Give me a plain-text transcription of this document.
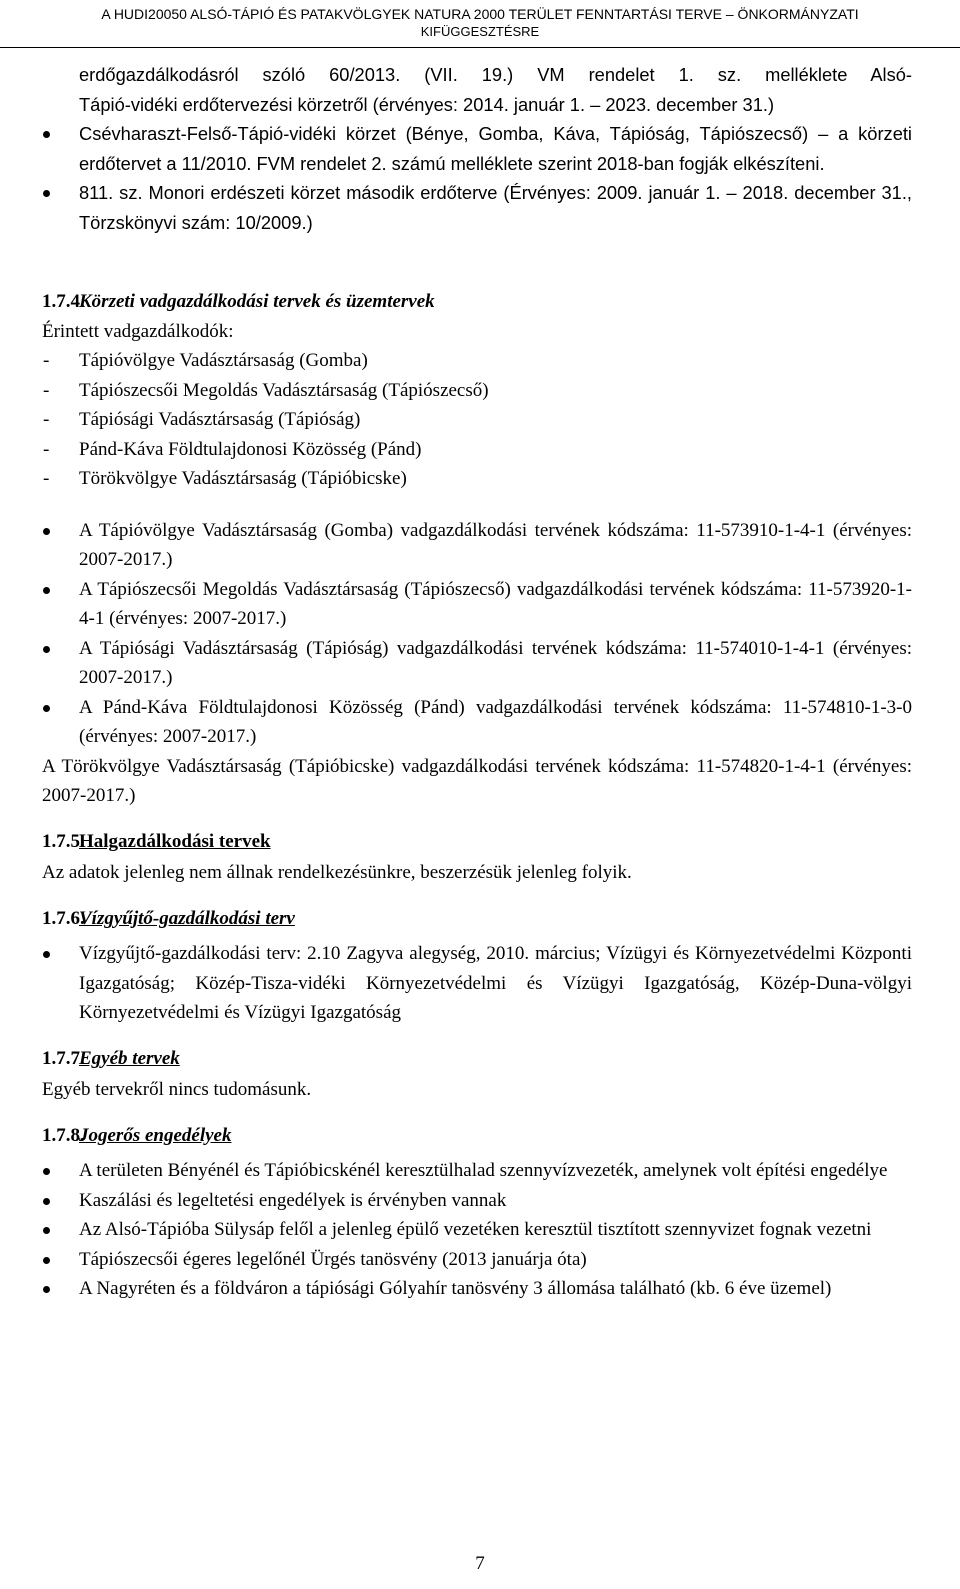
A HUDI20050 ALSÓ-TÁPIÓ ÉS PATAKVÖLGYEK NATURA 2000 TERÜLET FENNTARTÁSI TERVE – ÖNKORMÁNYZATI
KIFÜGGESZTÉSRE

erdőgazdálkodásról szóló 60/2013. (VII. 19.) VM rendelet 1. sz. melléklete Alsó-

Tápió-vidéki erdőtervezési körzetről (érvényes: 2014. január 1. – 2023. december 31.)

Csévharaszt-Felső-Tápió-vidéki körzet (Bénye, Gomba, Káva, Tápióság, Tápiószecső) – a körzeti erdőtervet a 11/2010. FVM rendelet 2. számú melléklete szerint 2018-ban fogják elkészíteni.

811. sz. Monori erdészeti körzet második erdőterve (Érvényes: 2009. január 1. – 2018. december 31., Törzskönyvi szám: 10/2009.)

1.7.4.
Körzeti vadgazdálkodási tervek és üzemtervek

Érintett vadgazdálkodók:

- Tápióvölgye Vadásztársaság (Gomba)

- Tápiószecsői Megoldás Vadásztársaság (Tápiószecső)

- Tápiósági Vadásztársaság (Tápióság)

- Pánd-Káva Földtulajdonosi Közösség (Pánd)

- Törökvölgye Vadásztársaság (Tápióbicske)

A Tápióvölgye Vadásztársaság (Gomba) vadgazdálkodási tervének kódszáma: 11-573910-1-4-1 (érvényes: 2007-2017.)

A Tápiószecsői Megoldás Vadásztársaság (Tápiószecső) vadgazdálkodási tervének kódszáma: 11-573920-1-4-1 (érvényes: 2007-2017.)

A Tápiósági Vadásztársaság (Tápióság) vadgazdálkodási tervének kódszáma: 11-574010-1-4-1 (érvényes: 2007-2017.)

A Pánd-Káva Földtulajdonosi Közösség (Pánd) vadgazdálkodási tervének kódszáma: 11-574810-1-3-0 (érvényes: 2007-2017.)

A Törökvölgye Vadásztársaság (Tápióbicske) vadgazdálkodási tervének kódszáma: 11-574820-1-4-1 (érvényes: 2007-2017.)

1.7.5.
Halgazdálkodási tervek

Az adatok jelenleg nem állnak rendelkezésünkre, beszerzésük jelenleg folyik.

1.7.6.
Vízgyűjtő-gazdálkodási terv

Vízgyűjtő-gazdálkodási terv: 2.10 Zagyva alegység, 2010. március; Vízügyi és Környezetvédelmi Központi Igazgatóság; Közép-Tisza-vidéki Környezetvédelmi és Vízügyi Igazgatóság, Közép-Duna-völgyi Környezetvédelmi és Vízügyi Igazgatóság

1.7.7.
Egyéb tervek

Egyéb tervekről nincs tudomásunk.

1.7.8.
Jogerős engedélyek

A területen Bényénél és Tápióbicskénél keresztülhalad szennyvízvezeték, amelynek volt építési engedélye

Kaszálási és legeltetési engedélyek is érvényben vannak

Az Alsó-Tápióba Sülysáp felől a jelenleg épülő vezetéken keresztül tisztított szennyvizet fognak vezetni

Tápiószecsői égeres legelőnél Ürgés tanösvény (2013 januárja óta)

A Nagyréten és a földváron a tápiósági Gólyahír tanösvény 3 állomása található (kb. 6 éve üzemel)

7
